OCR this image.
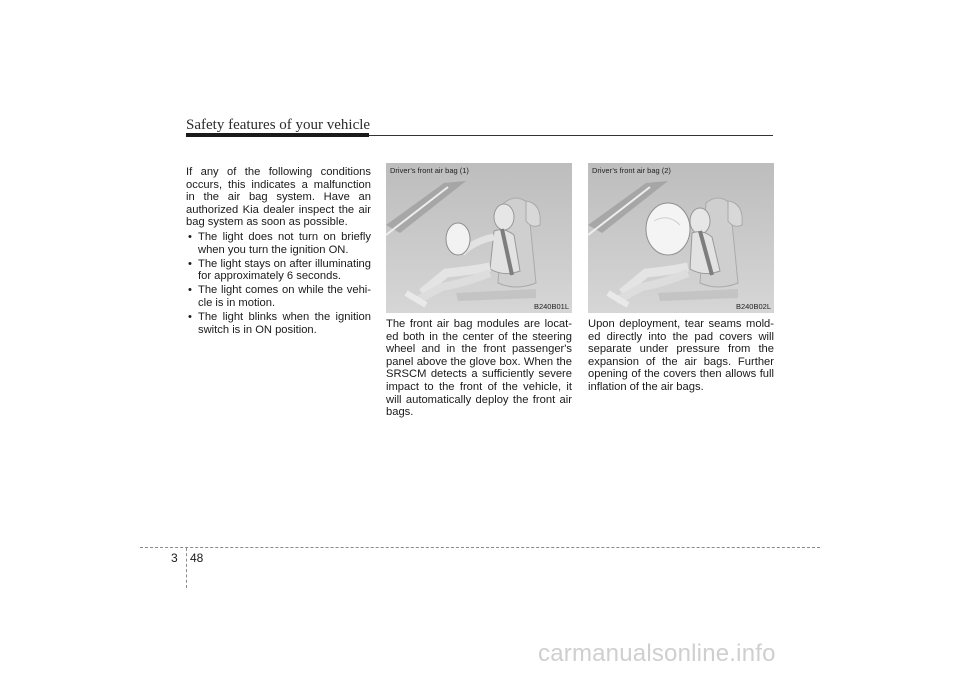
Safety features of your vehicle
If any of the following conditions occurs, this indicates a malfunction in the air bag system. Have an authorized Kia dealer inspect the air bag system as soon as possible.
• The light does not turn on briefly when you turn the ignition ON.
• The light stays on after illuminating for approximately 6 seconds.
• The light comes on while the vehi-cle is in motion.
• The light blinks when the ignition switch is in ON position.
Driver’s front air bag (1)
B240B01L
Driver’s front air bag (2)
B240B02L
The front air bag modules are locat-ed both in the center of the steering wheel and in the front passenger's panel above the glove box. When the SRSCM detects a sufficiently severe impact to the front of the vehicle, it will automatically deploy the front air bags.
Upon deployment, tear seams mold-ed directly into the pad covers will separate under pressure from the expansion of the air bags. Further opening of the covers then allows full inflation of the air bags.
3 48
carmanualsonline.info
